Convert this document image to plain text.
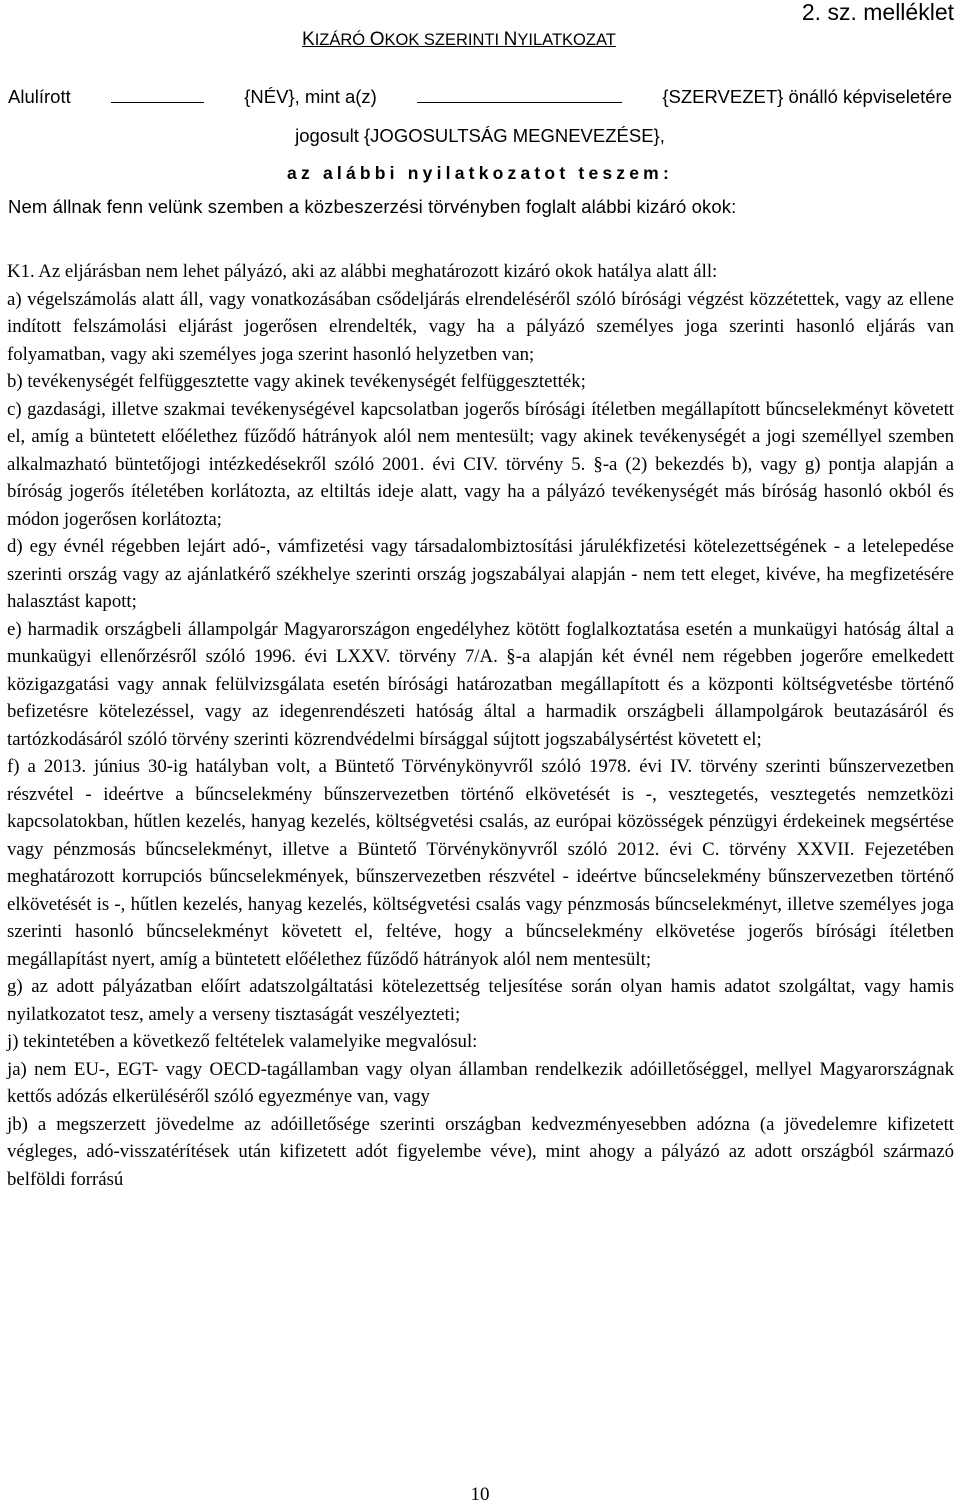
2. sz. melléklet
KIZÁRÓ OKOK SZERINTI NYILATKOZAT
Alulírott	{NÉV}, mint a(z)	{SZERVEZET} önálló képviseletére
jogosult {JOGOSULTSÁG MEGNEVEZÉSE},
az alábbi nyilatkozatot teszem:
Nem állnak fenn velünk szemben a közbeszerzési törvényben foglalt alábbi kizáró okok:

K1. Az eljárásban nem lehet pályázó, aki az alábbi meghatározott kizáró okok hatálya alatt áll:

a) végelszámolás alatt áll, vagy vonatkozásában csődeljárás elrendeléséről szóló bírósági végzést közzétettek, vagy az ellene indított felszámolási eljárást jogerősen elrendelték, vagy ha a pályázó személyes joga szerinti hasonló eljárás van folyamatban, vagy aki személyes joga szerint hasonló helyzetben van;

b) tevékenységét felfüggesztette vagy akinek tevékenységét felfüggesztették;

c) gazdasági, illetve szakmai tevékenységével kapcsolatban jogerős bírósági ítéletben megállapított bűncselekményt követett el, amíg a büntetett előélethez fűződő hátrányok alól nem mentesült; vagy akinek tevékenységét a jogi személlyel szemben alkalmazható büntetőjogi intézkedésekről szóló 2001. évi CIV. törvény 5. §-a (2) bekezdés b), vagy g) pontja alapján a bíróság jogerős ítéletében korlátozta, az eltiltás ideje alatt, vagy ha a pályázó tevékenységét más bíróság hasonló okból és módon jogerősen korlátozta;

d) egy évnél régebben lejárt adó-, vámfizetési vagy társadalombiztosítási járulékfizetési kötelezettségének - a letelepedése szerinti ország vagy az ajánlatkérő székhelye szerinti ország jogszabályai alapján - nem tett eleget, kivéve, ha megfizetésére halasztást kapott;

e) harmadik országbeli állampolgár Magyarországon engedélyhez kötött foglalkoztatása esetén a munkaügyi hatóság által a munkaügyi ellenőrzésről szóló 1996. évi LXXV. törvény 7/A. §-a alapján két évnél nem régebben jogerőre emelkedett közigazgatási vagy annak felülvizsgálata esetén bírósági határozatban megállapított és a központi költségvetésbe történő befizetésre kötelezéssel, vagy az idegenrendészeti hatóság által a harmadik országbeli állampolgárok beutazásáról és tartózkodásáról szóló törvény szerinti közrendvédelmi bírsággal sújtott jogszabálysértést követett el;

f) a 2013. június 30-ig hatályban volt, a Büntető Törvénykönyvről szóló 1978. évi IV. törvény szerinti bűnszervezetben részvétel - ideértve a bűncselekmény bűnszervezetben történő elkövetését is -, vesztegetés, vesztegetés nemzetközi kapcsolatokban, hűtlen kezelés, hanyag kezelés, költségvetési csalás, az európai közösségek pénzügyi érdekeinek megsértése vagy pénzmosás bűncselekményt, illetve a Büntető Törvénykönyvről szóló 2012. évi C. törvény XXVII. Fejezetében meghatározott korrupciós bűncselekmények, bűnszervezetben részvétel - ideértve bűncselekmény bűnszervezetben történő elkövetését is -, hűtlen kezelés, hanyag kezelés, költségvetési csalás vagy pénzmosás bűncselekményt, illetve személyes joga szerinti hasonló bűncselekményt követett el, feltéve, hogy a bűncselekmény elkövetése jogerős bírósági ítéletben megállapítást nyert, amíg a büntetett előélethez fűződő hátrányok alól nem mentesült;

g) az adott pályázatban előírt adatszolgáltatási kötelezettség teljesítése során olyan hamis adatot szolgáltat, vagy hamis nyilatkozatot tesz, amely a verseny tisztaságát veszélyezteti;

j) tekintetében a következő feltételek valamelyike megvalósul:

ja) nem EU-, EGT- vagy OECD-tagállamban vagy olyan államban rendelkezik adóilletőséggel, mellyel Magyarországnak kettős adózás elkerüléséről szóló egyezménye van, vagy

jb) a megszerzett jövedelme az adóilletősége szerinti országban kedvezményesebben adózna (a jövedelemre kifizetett végleges, adó-visszatérítések után kifizetett adót figyelembe véve), mint ahogy a pályázó az adott országból származó belföldi forrású

10
